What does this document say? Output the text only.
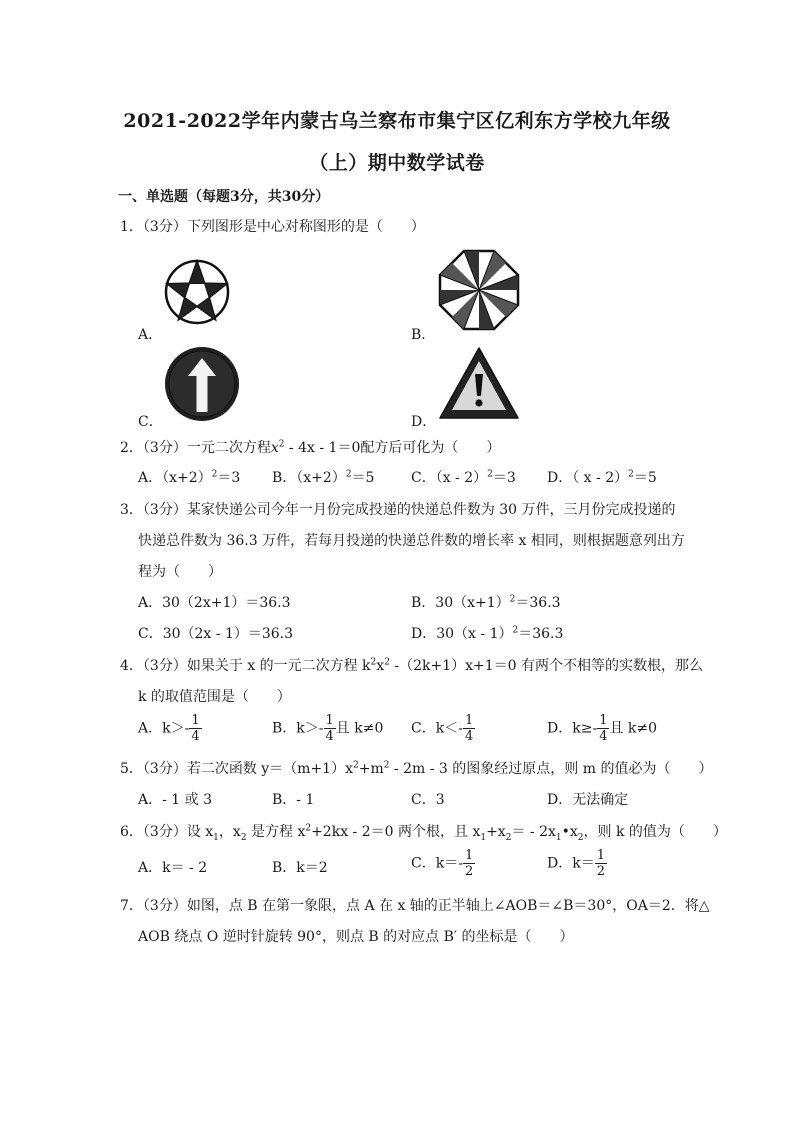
2021-2022学年内蒙古乌兰察布市集宁区亿利东方学校九年级
（上）期中数学试卷
一、单选题（每题3分，共30分）
1．（3分）下列图形是中心对称图形的是（　　）
A．	B．
C．	D．
2．（3分）一元二次方程$x^2 - 4x - 1=0$配方后可化为（　　）
A．$(x+2)^2=3$ B．$(x+2)^2=5$	C．（x - 2）$^2$＝3 D．（ x - 2）$^2$＝5
3．（3分）某家快递公司今年一月份完成投递的快递总件数为 30 万件，三月份完成投递的
快递总件数为 36.3 万件，若每月投递的快递总件数的增长率 x 相同，则根据题意列出方
程为（　　）
A．30（2x+1）＝36.3	B．$30(x+1)^2=36.3$
C．30（2x - 1）＝36.3	D．30（x - 1）$^2$＝36.3
4．（3分）如果关于 x 的一元二次方程 $k^2x^2$ -（2k+1）x+1＝0 有两个不相等的实数根，那么
k 的取值范围是（　　）
A．$k>- \frac{1}{4}$	B．$k>- \frac{1}{4}$ 且 k≠0 C．$k<- \frac{1}{4}$	D．$k\ge- \frac{1}{4}$ 且 k≠0
5．（3分）若二次函数 $y=(m+1)x^2+m^2 - 2m - 3$ 的图象经过原点，则 m 的值必为（　　）
A．- 1 或 3	B．- 1	C．3	D．无法确定
6．（3分）设 $x_1$，$x_2$ 是方程 $x^2+2kx - 2=0$ 两个根，且 $x_1+x_2=$ - $2x_1•x_2$，则 k 的值为（　　）
A．k＝ - 2	B．k＝2	C．$k=- \frac{1}{2}$	D．$k= \frac{1}{2}$
7．（3分）如图，点 B 在第一象限，点 A 在 x 轴的正半轴上∠AOB＝∠B＝30°，OA＝2．将△
AOB 绕点 O 逆时针旋转 90°，则点 B 的对应点 B′ 的坐标是（　　）
